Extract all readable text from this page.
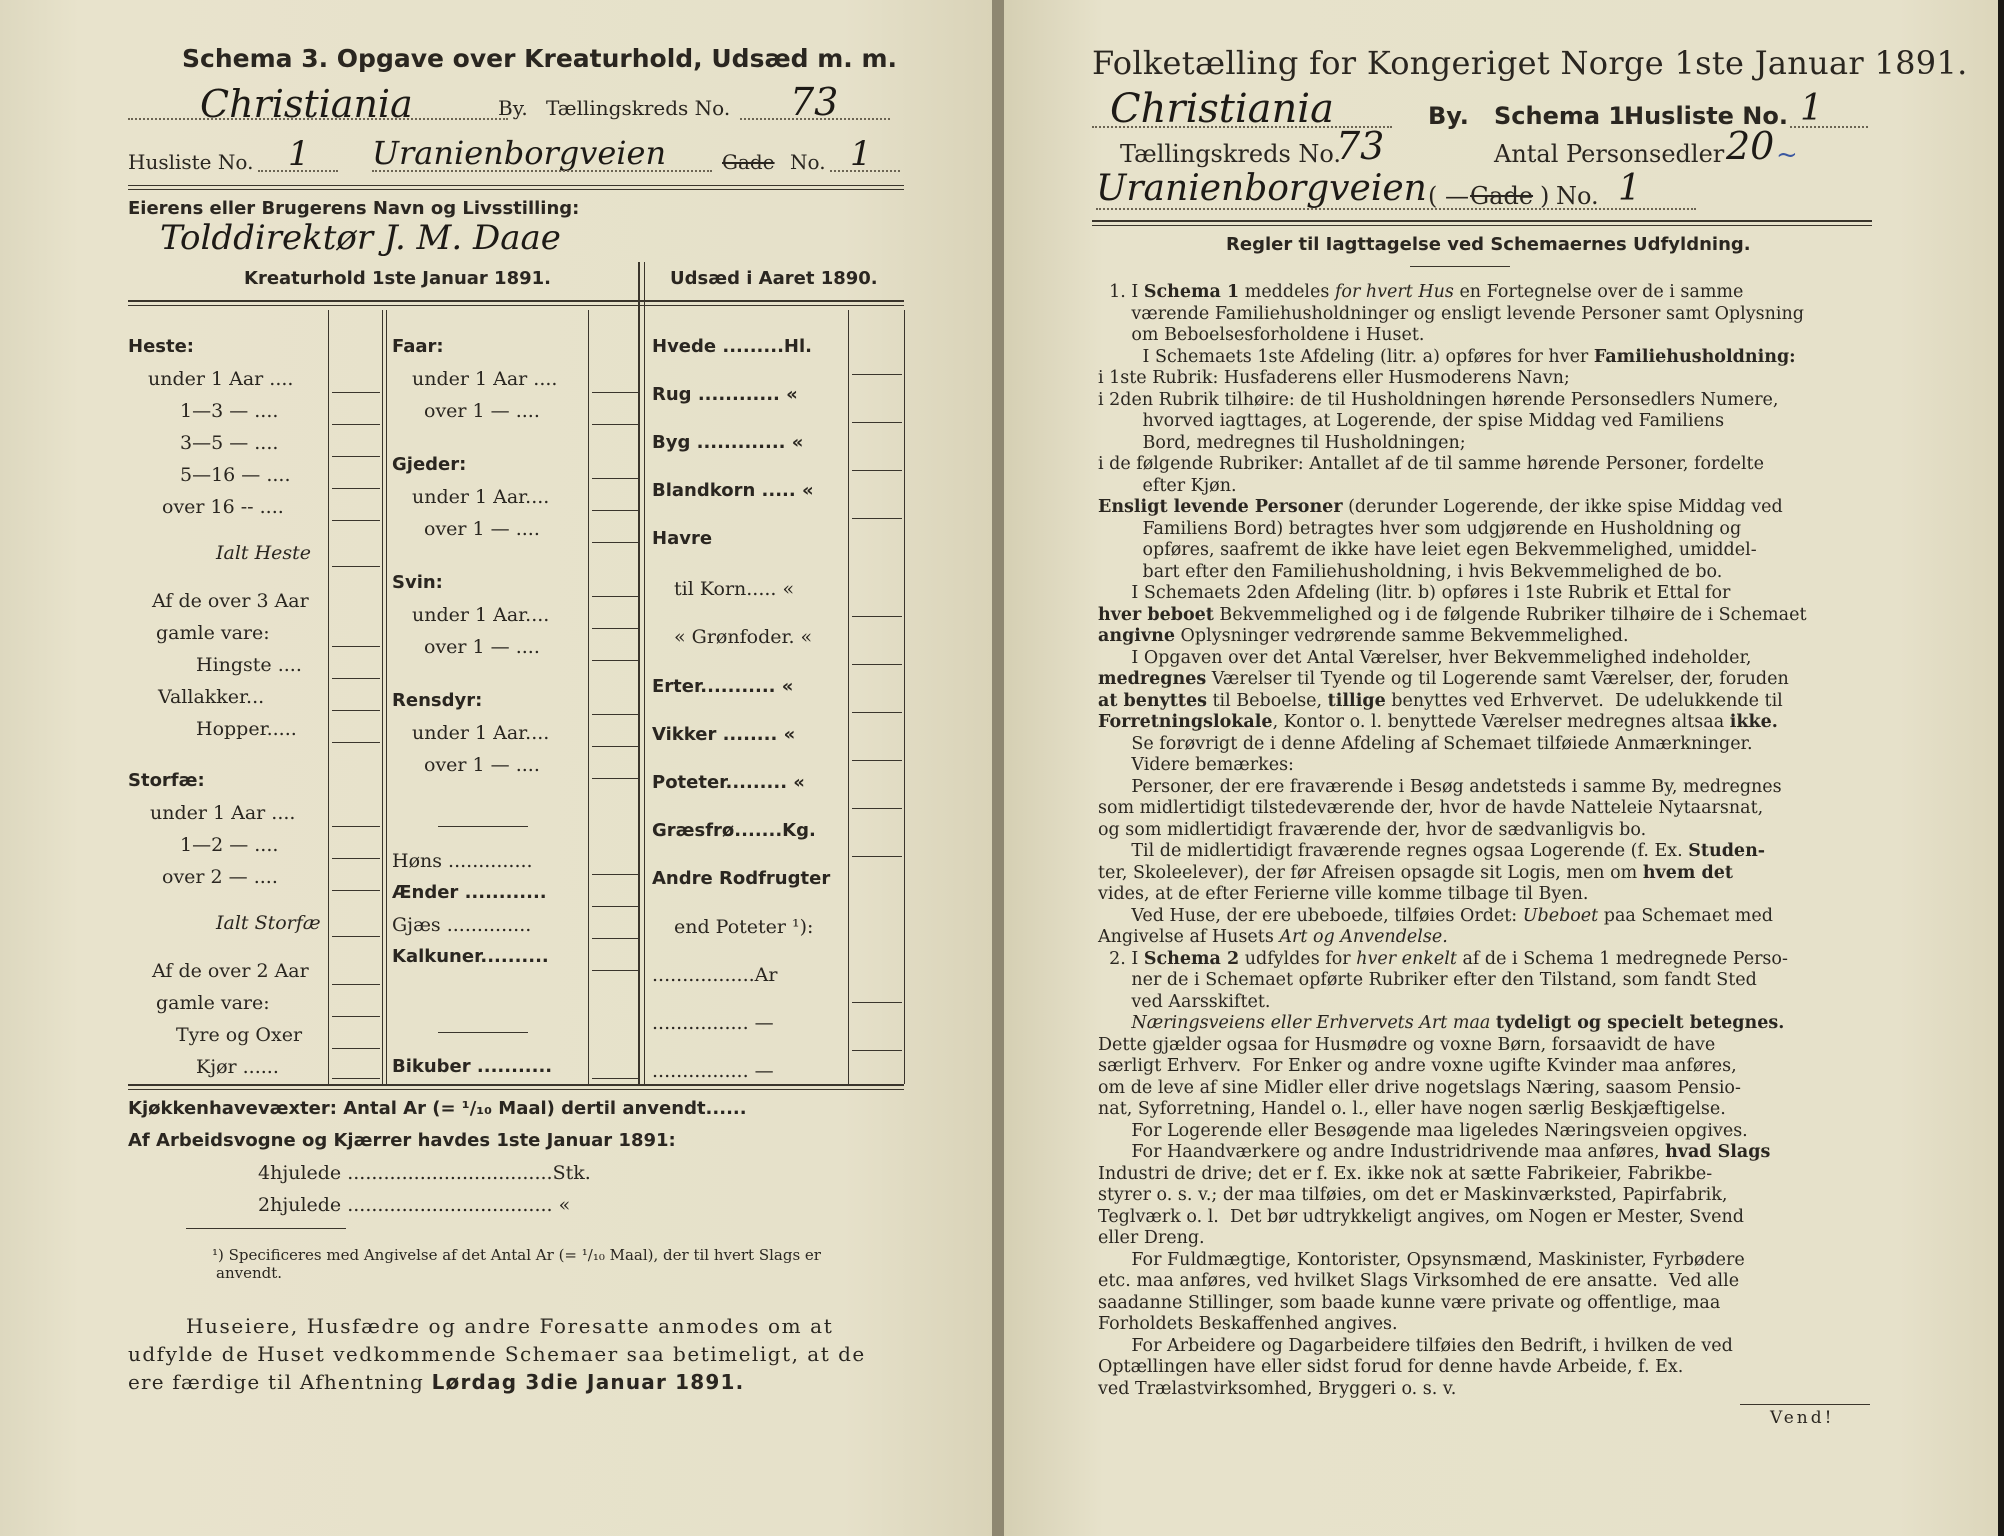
Schema 3. Opgave over Kreaturhold, Udsæd m. m.
Christiania	By. Tællingskreds No. 73
Husliste No. 1 Uranienborgveien	Gade No. 1
Eierens eller Brugerens Navn og Livsstilling:
Tolddirektør J. M. Daae
Kreaturhold 1ste Januar 1891.	Udsæd i Aaret 1890.
Heste:
under 1 Aar ....
1—3 — ....
3—5 — ....
5—16 — ....
over 16 -- ....
Ialt Heste
Af de over 3 Aar
gamle vare:
Hingste ....
Vallakker...
Hopper.....
Storfæ:
under 1 Aar ....
1—2 — ....
over 2 — ....
Ialt Storfæ
Af de over 2 Aar
gamle vare:
Tyre og Oxer
Kjør ......
Faar:
under 1 Aar ....
over 1 — ....
Gjeder:
under 1 Aar....
over 1 — ....
Svin:
under 1 Aar....
over 1 — ....
Rensdyr:
under 1 Aar....
over 1 — ....
Høns ..............
Ænder ............
Gjæs ..............
Kalkuner..........
Bikuber ...........
Hvede .........Hl.
Rug ............ «
Byg ............. «
Blandkorn ..... «
Havre
til Korn..... «
« Grønfoder. «
Erter........... «
Vikker ........ «
Poteter......... «
Græsfrø.......Kg.
Andre Rodfrugter
end Poteter ¹):
.................Ar
................ —
................ —
Kjøkkenhavevæxter: Antal Ar (= ¹/₁₀ Maal) dertil anvendt......
Af Arbeidsvogne og Kjærrer havdes 1ste Januar 1891:
4hjulede ..................................Stk.
2hjulede .................................. «
¹) Specificeres med Angivelse af det Antal Ar (= ¹/₁₀ Maal), der til hvert Slags er
anvendt.
Huseiere, Husfædre og andre Foresatte anmodes om at
udfylde de Huset vedkommende Schemaer saa betimeligt, at de
ere færdige til Afhentning Lørdag 3die Januar 1891.
Folketælling for Kongeriget Norge 1ste Januar 1891.
Christiania	By. Schema 1.
Husliste No. 1
Tællingskreds No.
73	Antal Personsedler 20 ~
Uranienborgveien ( — Gade ) No. 1
Regler til Iagttagelse ved Schemaernes Udfyldning.

1. I Schema 1 meddeles for hvert Hus en Fortegnelse over de i samme

værende Familiehusholdninger og ensligt levende Personer samt Oplysning

om Beboelsesforholdene i Huset.

I Schemaets 1ste Afdeling (litr. a) opføres for hver Familiehusholdning:

i 1ste Rubrik: Husfaderens eller Husmoderens Navn;

i 2den Rubrik tilhøire: de til Husholdningen hørende Personsedlers Numere,

hvorved iagttages, at Logerende, der spise Middag ved Familiens

Bord, medregnes til Husholdningen;

i de følgende Rubriker: Antallet af de til samme hørende Personer, fordelte

efter Kjøn.

Ensligt levende Personer (derunder Logerende, der ikke spise Middag ved

Familiens Bord) betragtes hver som udgjørende en Husholdning og

opføres, saafremt de ikke have leiet egen Bekvemmelighed, umiddel-

bart efter den Familiehusholdning, i hvis Bekvemmelighed de bo.

I Schemaets 2den Afdeling (litr. b) opføres i 1ste Rubrik et Ettal for

hver beboet Bekvemmelighed og i de følgende Rubriker tilhøire de i Schemaet

angivne Oplysninger vedrørende samme Bekvemmelighed.

I Opgaven over det Antal Værelser, hver Bekvemmelighed indeholder,

medregnes Værelser til Tyende og til Logerende samt Værelser, der, foruden

at benyttes til Beboelse, tillige benyttes ved Erhvervet.  De udelukkende til

Forretningslokale, Kontor o. l. benyttede Værelser medregnes altsaa ikke.

Se forøvrigt de i denne Afdeling af Schemaet tilføiede Anmærkninger.

Videre bemærkes:

Personer, der ere fraværende i Besøg andetsteds i samme By, medregnes

som midlertidigt tilstedeværende der, hvor de havde Natteleie Nytaarsnat,

og som midlertidigt fraværende der, hvor de sædvanligvis bo.

Til de midlertidigt fraværende regnes ogsaa Logerende (f. Ex. Studen-

ter, Skoleelever), der før Afreisen opsagde sit Logis, men om hvem det

vides, at de efter Ferierne ville komme tilbage til Byen.

Ved Huse, der ere ubeboede, tilføies Ordet: Ubeboet paa Schemaet med

Angivelse af Husets Art og Anvendelse.

2. I Schema 2 udfyldes for hver enkelt af de i Schema 1 medregnede Perso-

ner de i Schemaet opførte Rubriker efter den Tilstand, som fandt Sted

ved Aarsskiftet.

Næringsveiens eller Erhvervets Art maa tydeligt og specielt betegnes.

Dette gjælder ogsaa for Husmødre og voxne Børn, forsaavidt de have

særligt Erhverv.  For Enker og andre voxne ugifte Kvinder maa anføres,

om de leve af sine Midler eller drive nogetslags Næring, saasom Pensio-

nat, Syforretning, Handel o. l., eller have nogen særlig Beskjæftigelse.

For Logerende eller Besøgende maa ligeledes Næringsveien opgives.

For Haandværkere og andre Industridrivende maa anføres, hvad Slags

Industri de drive; det er f. Ex. ikke nok at sætte Fabrikeier, Fabrikbe-

styrer o. s. v.; der maa tilføies, om det er Maskinværksted, Papirfabrik,

Teglværk o. l.  Det bør udtrykkeligt angives, om Nogen er Mester, Svend

eller Dreng.

For Fuldmægtige, Kontorister, Opsynsmænd, Maskinister, Fyrbødere

etc. maa anføres, ved hvilket Slags Virksomhed de ere ansatte.  Ved alle

saadanne Stillinger, som baade kunne være private og offentlige, maa

Forholdets Beskaffenhed angives.

For Arbeidere og Dagarbeidere tilføies den Bedrift, i hvilken de ved

Optællingen have eller sidst forud for denne havde Arbeide, f. Ex.

ved Trælastvirksomhed, Bryggeri o. s. v.

Vend!
